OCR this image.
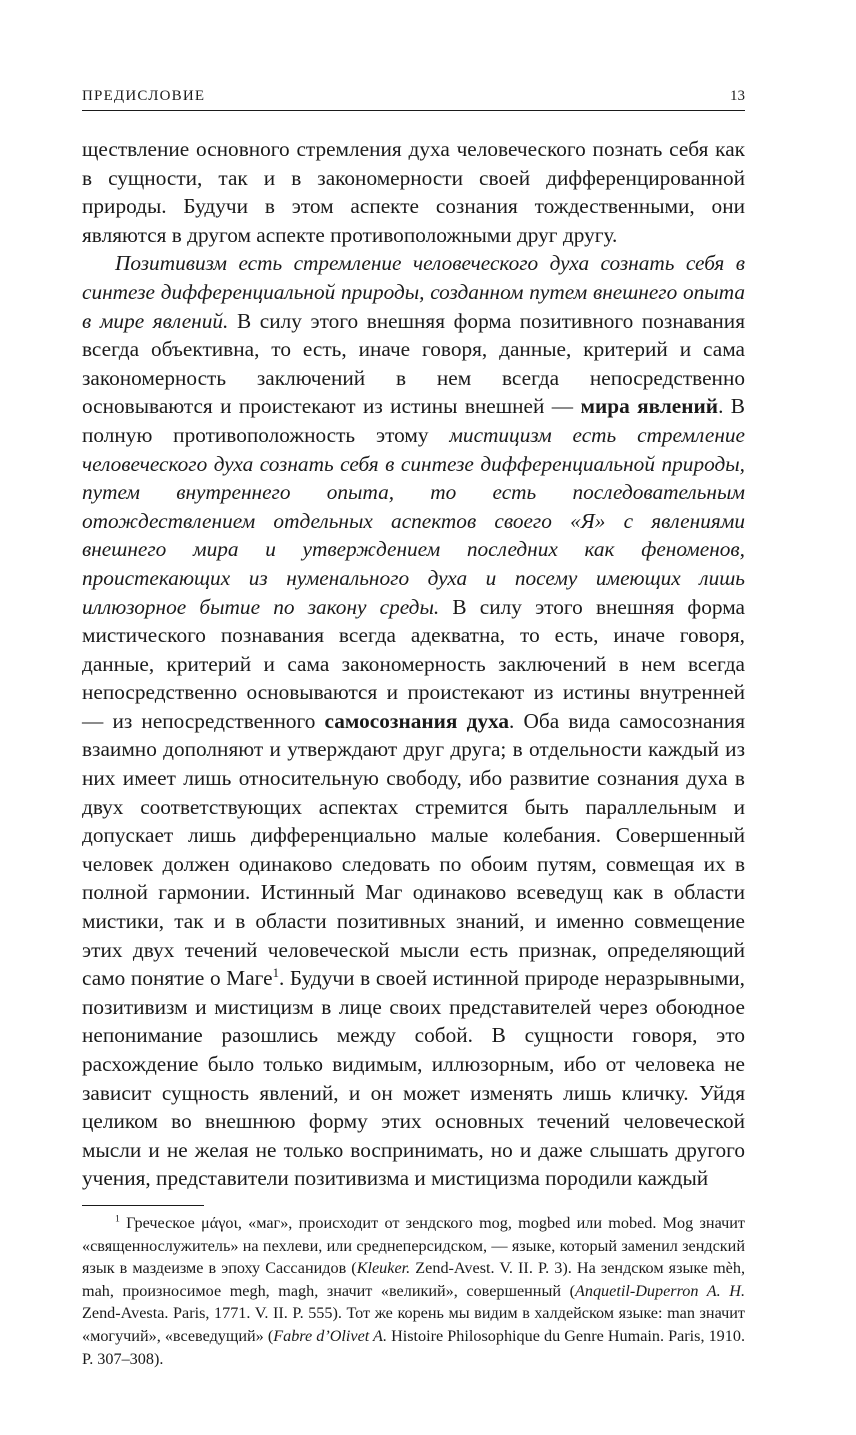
ПРЕДИСЛОВИЕ	13

ществление основного стремления духа человеческого познать себя как в сущности, так и в закономерности своей дифференцированной природы. Будучи в этом аспекте сознания тождественными, они являются в другом аспекте противоположными друг другу.

Позитивизм есть стремление человеческого духа сознать себя в синтезе дифференциальной природы, созданном путем внешнего опыта в мире явлений. В силу этого внешняя форма позитивного познавания всегда объективна, то есть, иначе говоря, данные, критерий и сама закономерность заключений в нем всегда непосредственно основываются и проистекают из истины внешней — мира явлений. В полную противоположность этому мистицизм есть стремление человеческого духа сознать себя в синтезе дифференциальной природы, путем внутреннего опыта, то есть последовательным отождествлением отдельных аспектов своего «Я» с явлениями внешнего мира и утверждением последних как феноменов, проистекающих из нуменального духа и посему имеющих лишь иллюзорное бытие по закону среды. В силу этого внешняя форма мистического познавания всегда адекватна, то есть, иначе говоря, данные, критерий и сама закономерность заключений в нем всегда непосредственно основываются и проистекают из истины внутренней — из непосредственного самосознания духа. Оба вида самосознания взаимно дополняют и утверждают друг друга; в отдельности каждый из них имеет лишь относительную свободу, ибо развитие сознания духа в двух соответствующих аспектах стремится быть параллельным и допускает лишь дифференциально малые колебания. Совершенный человек должен одинаково следовать по обоим путям, совмещая их в полной гармонии. Истинный Маг одинаково всеведущ как в области мистики, так и в области позитивных знаний, и именно совмещение этих двух течений человеческой мысли есть признак, определяющий само понятие о Маге$^1$. Будучи в своей истинной природе неразрывными, позитивизм и мистицизм в лице своих представителей через обоюдное непонимание разошлись между собой. В сущности говоря, это расхождение было только видимым, иллюзорным, ибо от человека не зависит сущность явлений, и он может изменять лишь кличку. Уйдя целиком во внешнюю форму этих основных течений человеческой мысли и не желая не только воспринимать, но и даже слышать другого учения, представители позитивизма и мистицизма породили каждый

$^1$ Греческое μάγοι, «маг», происходит от зендского mog, mogbed или mobed. Mog значит «священнослужитель» на пехлеви, или среднеперсидском, — языке, который заменил зендский язык в маздеизме в эпоху Сассанидов (Kleuker. Zend-Avest. V. II. P. 3). На зендском языке mèh, mah, произносимое megh, magh, значит «великий», совершенный (Anquetil-Duperron A. H. Zend-Avesta. Paris, 1771. V. II. P. 555). Тот же корень мы видим в халдейском языке: man значит «могучий», «всеведущий» (Fabre d’Olivet A. Histoire Philosophique du Genre Humain. Paris, 1910. P. 307–308).
